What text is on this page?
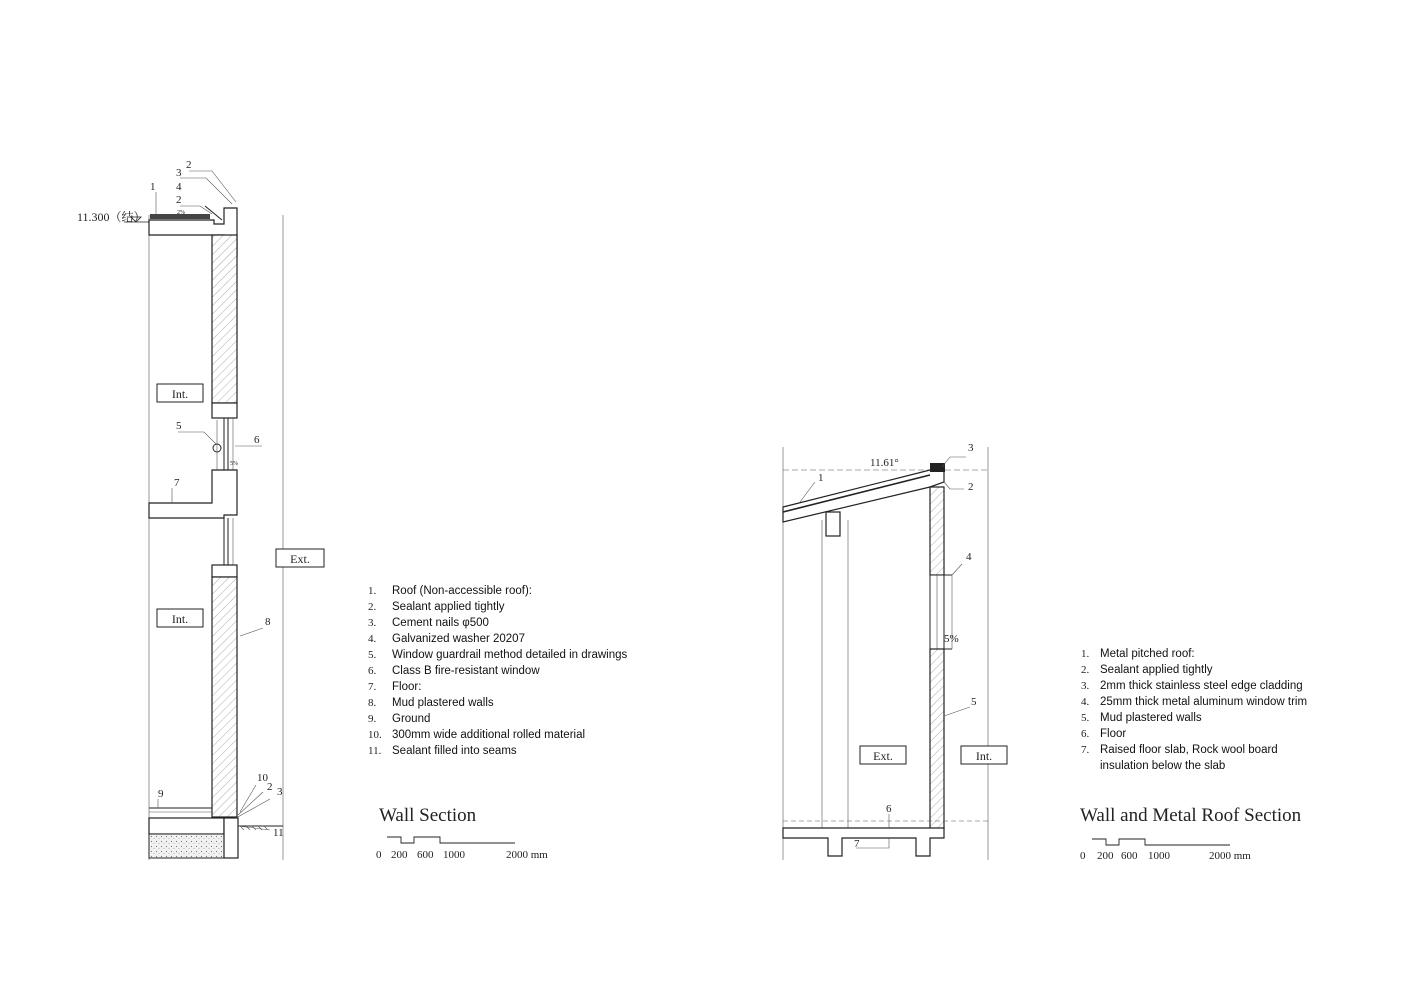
Int.
Int.
Ext.
11.300（结）
2
3
1 4
2
2%
5
6
7
8
9
10
2 3
11
5%
1. Roof (Non-accessible roof):
2. Sealant applied tightly
3. Cement nails φ500
4. Galvanized washer 20207
5. Window guardrail method detailed in drawings
6. Class B fire-resistant window
7. Floor:
8. Mud plastered walls
9. Ground
10. 300mm wide additional rolled material
11. Sealant filled into seams
Wall Section
0 200 600 1000	2000 mm
Ext.	Int.
11.61°
5%
1
2
3
4
5
6
7
1. Metal pitched roof:
2. Sealant applied tightly
3. 2mm thick stainless steel edge cladding
4. 25mm thick metal aluminum window trim
5. Mud plastered walls
6. Floor
7. Raised floor slab, Rock wool board
insulation below the slab
Wall and Metal Roof Section
0 200 600 1000	2000 mm
